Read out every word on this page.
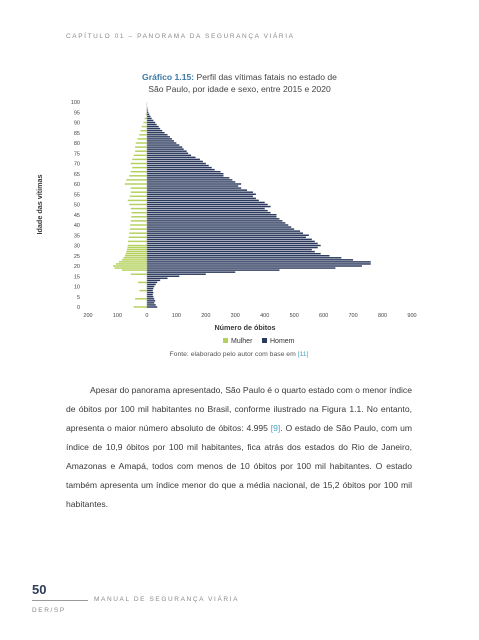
CAPÍTULO 01 – PANORAMA DA SEGURANÇA VIÁRIA
Gráfico 1.15: Perfil das vítimas fatais no estado de
São Paulo, por idade e sexo, entre 2015 e 2020
0
5
10
15
20
25
30
35
40
45
50
55
60
65
70
75
80
85
90
95
100
200	100	0	100	200	300	400	500	600	700	800	900
Número de óbitos
Idade das vítimas
Mulher	Homem
Fonte: elaborado pelo autor com base em [11]

Apesar do panorama apresentado, São Paulo é o quarto estado com o menor índice de óbitos por 100 mil habitantes no Brasil, conforme ilustrado na Figura 1.1. No entanto, apresenta o maior número absoluto de óbitos: 4.995 [9]. O estado de São Paulo, com um índice de 10,9 óbitos por 100 mil habitantes, fica atrás dos estados do Rio de Janeiro, Amazonas e Amapá, todos com menos de 10 óbitos por 100 mil habitantes. O estado também apresenta um índice menor do que a média nacional, de 15,2 óbitos por 100 mil habitantes.

50
MANUAL DE SEGURANÇA VIÁRIA
DER/SP
